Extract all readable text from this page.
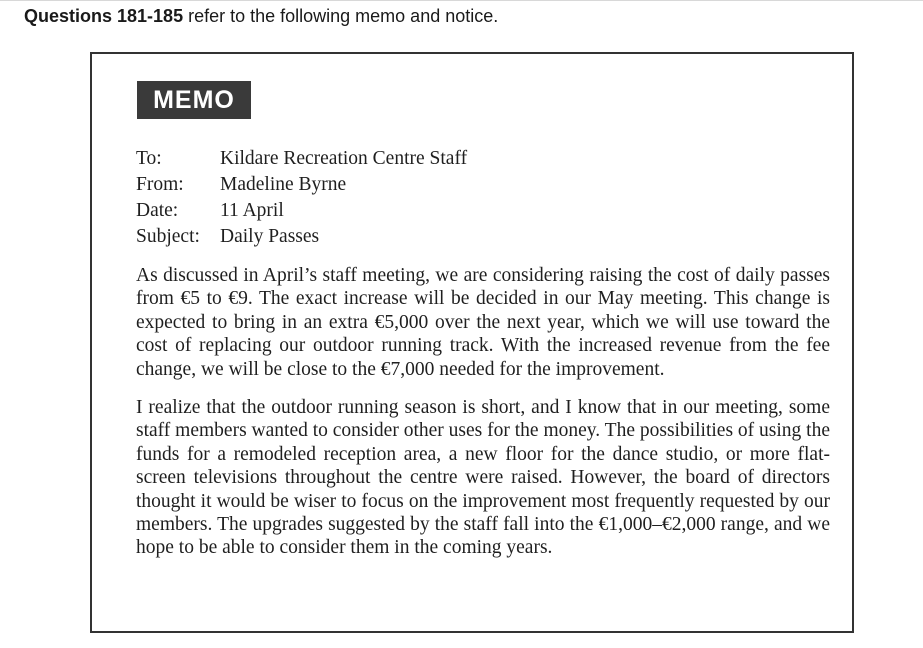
Questions 181-185 refer to the following memo and notice.
MEMO
To:	Kildare Recreation Centre Staff
From:	Madeline Byrne
Date:	11 April
Subject:	Daily Passes

As discussed in April’s staff meeting, we are considering raising the cost of daily passes from €5 to €9. The exact increase will be decided in our May meeting. This change is expected to bring in an extra €5,000 over the next year, which we will use toward the cost of replacing our outdoor running track. With the increased revenue from the fee change, we will be close to the €7,000 needed for the improvement.

I realize that the outdoor running season is short, and I know that in our meeting, some staff members wanted to consider other uses for the money. The possibilities of using the funds for a remodeled reception area, a new floor for the dance studio, or more flat-screen televisions throughout the centre were raised. However, the board of directors thought it would be wiser to focus on the improvement most frequently requested by our members. The upgrades suggested by the staff fall into the €1,000–€2,000 range, and we hope to be able to consider them in the coming years.
